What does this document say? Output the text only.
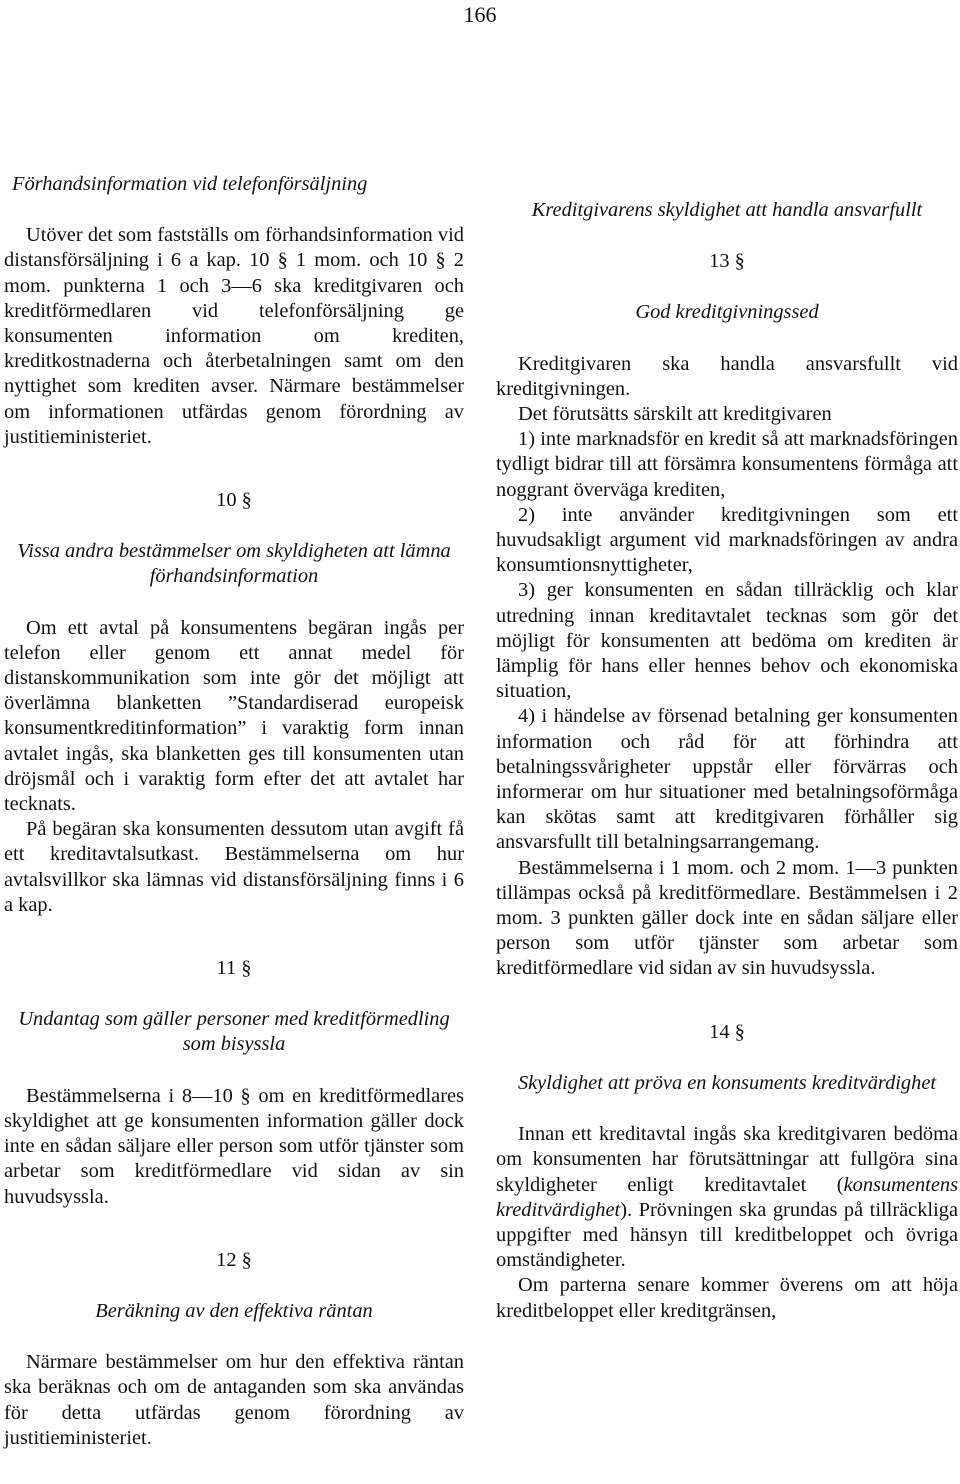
166

Förhandsinformation vid telefonförsäljning

Utöver det som fastställs om förhandsinformation vid distansförsäljning i 6 a kap. 10 § 1 mom. och 10 § 2 mom. punkterna 1 och 3—6 ska kreditgivaren och kreditförmedlaren vid telefonförsäljning ge konsumenten information om krediten, kreditkostnaderna och återbetalningen samt om den nyttighet som krediten avser. Närmare bestämmelser om informationen utfärdas genom förordning av justitieministeriet.

10 §

Vissa andra bestämmelser om skyldigheten att lämna förhandsinformation

Om ett avtal på konsumentens begäran ingås per telefon eller genom ett annat medel för distanskommunikation som inte gör det möjligt att överlämna blanketten ”Standardiserad europeisk konsumentkreditinformation” i varaktig form innan avtalet ingås, ska blanketten ges till konsumenten utan dröjsmål och i varaktig form efter det att avtalet har tecknats.

På begäran ska konsumenten dessutom utan avgift få ett kreditavtalsutkast. Bestämmelserna om hur avtalsvillkor ska lämnas vid distansförsäljning finns i 6 a kap.

11 §

Undantag som gäller personer med kreditförmedling som bisyssla

Bestämmelserna i 8—10 § om en kreditförmedlares skyldighet att ge konsumenten information gäller dock inte en sådan säljare eller person som utför tjänster som arbetar som kreditförmedlare vid sidan av sin huvudsyssla.

12 §

Beräkning av den effektiva räntan

Närmare bestämmelser om hur den effektiva räntan ska beräknas och om de antaganden som ska användas för detta utfärdas genom förordning av justitieministeriet.

Kreditgivarens skyldighet att handla ansvarfullt

13 §

God kreditgivningssed

Kreditgivaren ska handla ansvarsfullt vid kreditgivningen.

Det förutsätts särskilt att kreditgivaren

1) inte marknadsför en kredit så att marknadsföringen tydligt bidrar till att försämra konsumentens förmåga att noggrant överväga krediten,

2) inte använder kreditgivningen som ett huvudsakligt argument vid marknadsföringen av andra konsumtionsnyttigheter,

3) ger konsumenten en sådan tillräcklig och klar utredning innan kreditavtalet tecknas som gör det möjligt för konsumenten att bedöma om krediten är lämplig för hans eller hennes behov och ekonomiska situation,

4) i händelse av försenad betalning ger konsumenten information och råd för att förhindra att betalningssvårigheter uppstår eller förvärras och informerar om hur situationer med betalningsoförmåga kan skötas samt att kreditgivaren förhåller sig ansvarsfullt till betalningsarrangemang.

Bestämmelserna i 1 mom. och 2 mom. 1—3 punkten tillämpas också på kreditförmedlare. Bestämmelsen i 2 mom. 3 punkten gäller dock inte en sådan säljare eller person som utför tjänster som arbetar som kreditförmedlare vid sidan av sin huvudsyssla.

14 §

Skyldighet att pröva en konsuments kreditvärdighet

Innan ett kreditavtal ingås ska kreditgivaren bedöma om konsumenten har förutsättningar att fullgöra sina skyldigheter enligt kreditavtalet (konsumentens kreditvärdighet). Prövningen ska grundas på tillräckliga uppgifter med hänsyn till kreditbeloppet och övriga omständigheter.

Om parterna senare kommer överens om att höja kreditbeloppet eller kreditgränsen,
